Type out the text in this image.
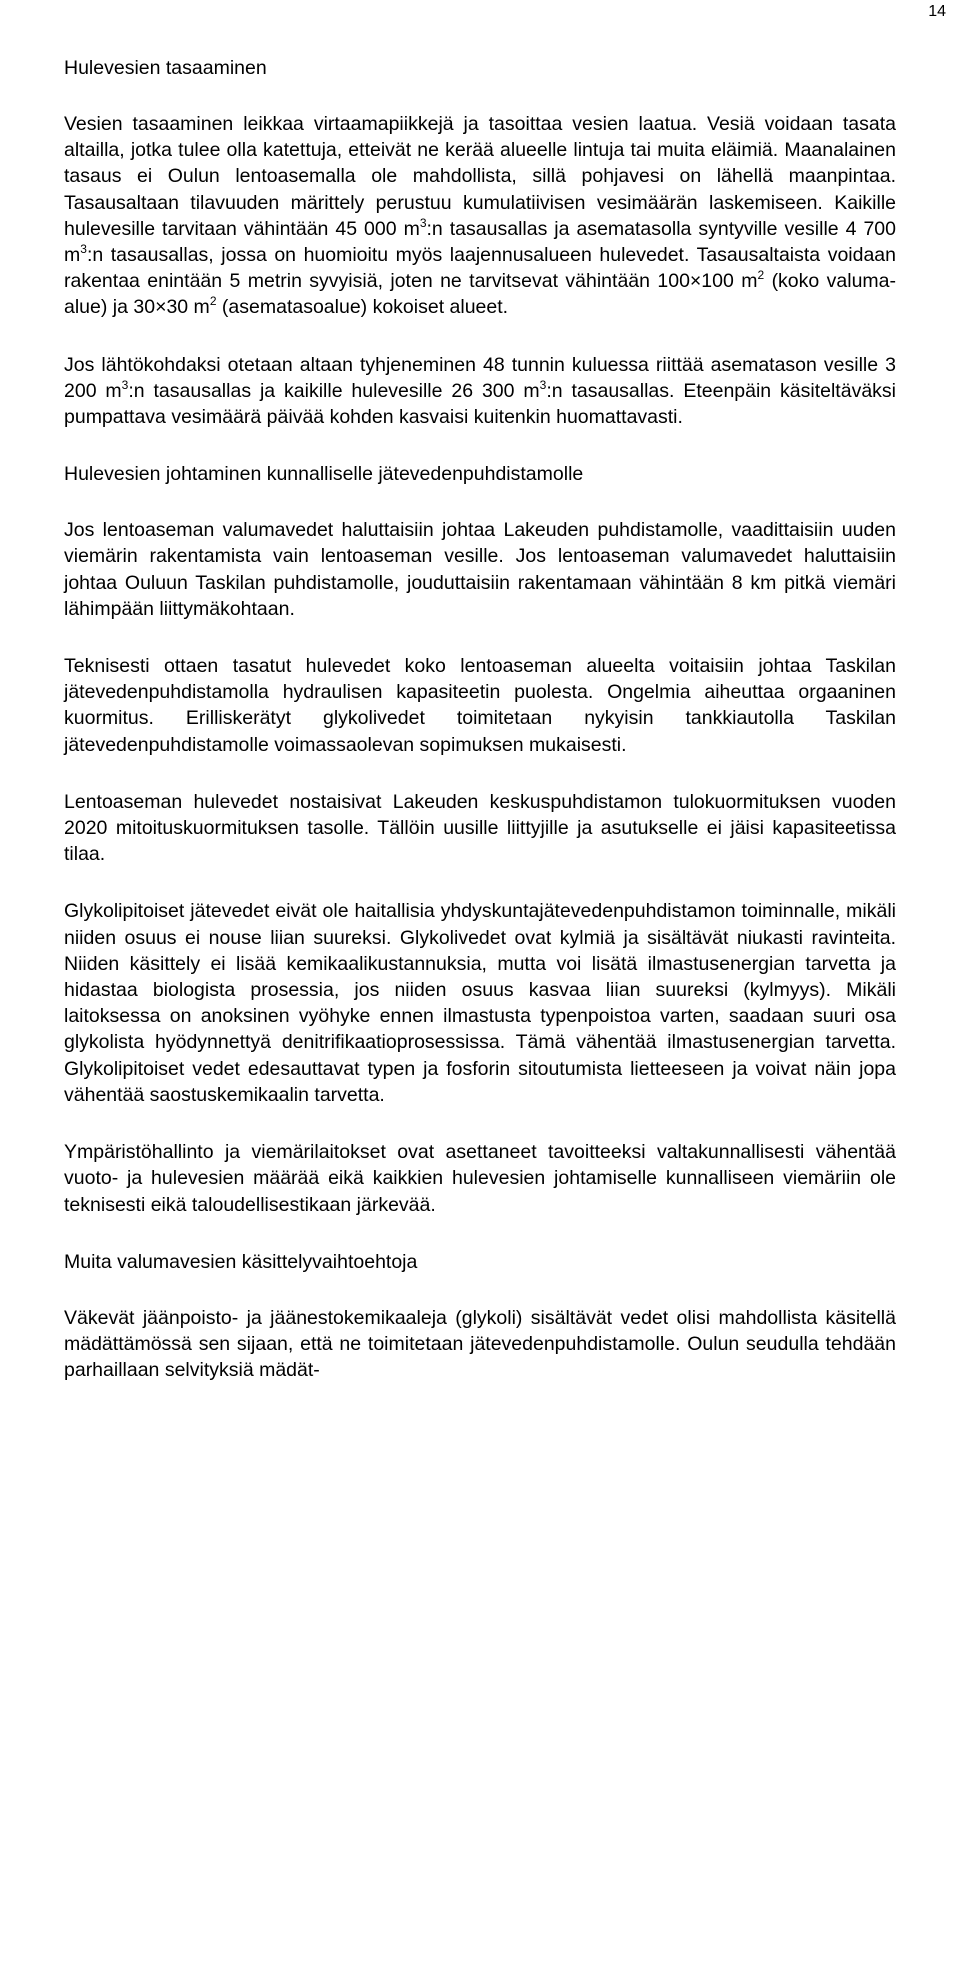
14
Hulevesien tasaaminen
Vesien tasaaminen leikkaa virtaamapiikkejä ja tasoittaa vesien laatua. Vesiä voidaan tasata altailla, jotka tulee olla katettuja, etteivät ne kerää alueelle lintuja tai muita eläimiä. Maanalainen tasaus ei Oulun lentoasemalla ole mahdollista, sillä pohjavesi on lähellä maanpintaa. Tasausaltaan tilavuuden märittely perustuu kumulatiivisen vesimäärän laskemiseen. Kaikille hulevesille tarvitaan vähintään 45 000 $m^3:n$ tasausallas ja asematasolla syntyville vesille 4 700 $m^3:n$ tasausallas, jossa on huomioitu myös laajennusalueen hulevedet. Tasausaltaista voidaan rakentaa enintään 5 metrin syvyisiä, joten ne tarvitsevat vähintään 100×100 $m^2$ (koko valuma-alue) ja 30×30 $m^2$ (asematasoalue) kokoiset alueet.
Jos lähtökohdaksi otetaan altaan tyhjeneminen 48 tunnin kuluessa riittää asematason vesille 3 200 $m^3:n$ tasausallas ja kaikille hulevesille 26 300 $m^3:n$ tasausallas. Eteenpäin käsiteltäväksi pumpattava vesimäärä päivää kohden kasvaisi kuitenkin huomattavasti.
Hulevesien johtaminen kunnalliselle jätevedenpuhdistamolle
Jos lentoaseman valumavedet haluttaisiin johtaa Lakeuden puhdistamolle, vaadittaisiin uuden viemärin rakentamista vain lentoaseman vesille. Jos lentoaseman valumavedet haluttaisiin johtaa Ouluun Taskilan puhdistamolle, jouduttaisiin rakentamaan vähintään 8 km pitkä viemäri lähimpään liittymäkohtaan.
Teknisesti ottaen tasatut hulevedet koko lentoaseman alueelta voitaisiin johtaa Taskilan jätevedenpuhdistamolla hydraulisen kapasiteetin puolesta. Ongelmia aiheuttaa orgaaninen kuormitus. Erilliskerätyt glykolivedet toimitetaan nykyisin tankkiautolla Taskilan jätevedenpuhdistamolle voimassaolevan sopimuksen mukaisesti.
Lentoaseman hulevedet nostaisivat Lakeuden keskuspuhdistamon tulokuormituksen vuoden 2020 mitoituskuormituksen tasolle. Tällöin uusille liittyjille ja asutukselle ei jäisi kapasiteetissa tilaa.
Glykolipitoiset jätevedet eivät ole haitallisia yhdyskuntajätevedenpuhdistamon toiminnalle, mikäli niiden osuus ei nouse liian suureksi. Glykolivedet ovat kylmiä ja sisältävät niukasti ravinteita. Niiden käsittely ei lisää kemikaalikustannuksia, mutta voi lisätä ilmastusenergian tarvetta ja hidastaa biologista prosessia, jos niiden osuus kasvaa liian suureksi (kylmyys). Mikäli laitoksessa on anoksinen vyöhyke ennen ilmastusta typenpoistoa varten, saadaan suuri osa glykolista hyödynnettyä denitrifikaatioprosessissa. Tämä vähentää ilmastusenergian tarvetta. Glykolipitoiset vedet edesauttavat typen ja fosforin sitoutumista lietteeseen ja voivat näin jopa vähentää saostuskemikaalin tarvetta.
Ympäristöhallinto ja viemärilaitokset ovat asettaneet tavoitteeksi valtakunnallisesti vähentää vuoto- ja hulevesien määrää eikä kaikkien hulevesien johtamiselle kunnalliseen viemäriin ole teknisesti eikä taloudellisestikaan järkevää.
Muita valumavesien käsittelyvaihtoehtoja
Väkevät jäänpoisto- ja jäänestokemikaaleja (glykoli) sisältävät vedet olisi mahdollista käsitellä mädättämössä sen sijaan, että ne toimitetaan jätevedenpuhdistamolle. Oulun seudulla tehdään parhaillaan selvityksiä mädät-
